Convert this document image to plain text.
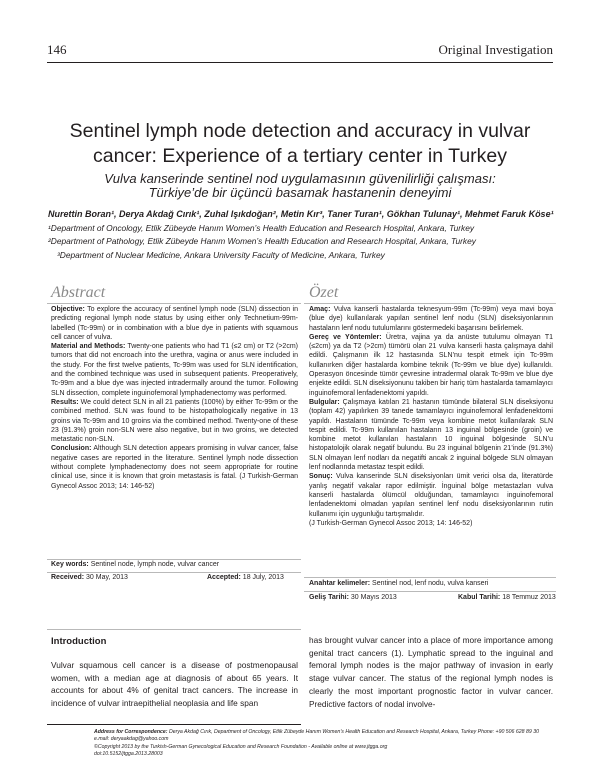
146	Original Investigation
Sentinel lymph node detection and accuracy in vulvar
cancer: Experience of a tertiary center in Turkey
Vulva kanserinde sentinel nod uygulamasının güvenilirliği çalışması:
Türkiye’de bir üçüncü basamak hastanenin deneyimi
Nurettin Boran¹, Derya Akdağ Cırık¹, Zuhal Işıkdoğan², Metin Kır³, Taner Turan¹, Gökhan Tulunay¹, Mehmet Faruk Köse¹
¹Department of Oncology, Etlik Zübeyde Hanım Women’s Health Education and Research Hospital, Ankara, Turkey
²Department of Pathology, Etlik Zübeyde Hanım Women’s Health Education and Research Hospital, Ankara, Turkey
³Department of Nuclear Medicine, Ankara University Faculty of Medicine, Ankara, Turkey
Abstract

Objective: To explore the accuracy of sentinel lymph node (SLN) dissection in predicting regional lymph node status by using either only Technetium-99m-labelled (Tc-99m) or in combination with a blue dye in patients with squamous cell cancer of vulva.

Material and Methods: Twenty-one patients who had T1 (≤2 cm) or T2 (>2cm) tumors that did not encroach into the urethra, vagina or anus were included in the study. For the first twelve patients, Tc-99m was used for SLN identification, and the combined technique was used in subsequent patients. Preoperatively, Tc-99m and a blue dye was injected intradermally around the tumor. Following SLN dissection, complete inguinofemoral lymphadenectomy was performed.

Results: We could detect SLN in all 21 patients (100%) by either Tc-99m or the combined method. SLN was found to be histopathologically negative in 13 groins via Tc-99m and 10 groins via the combined method. Twenty-one of these 23 (91.3%) groin non-SLN were also negative, but in two groins, we detected metastatic non-SLN.

Conclusion: Although SLN detection appears promising in vulvar cancer, false negative cases are reported in the literature. Sentinel lymph node dissection without complete lymphadenectomy does not seem appropriate for routine clinical use, since it is known that groin metastasis is fatal. (J Turkish-German Gynecol Assoc 2013; 14: 146-52)

Key words: Sentinel node, lymph node, vulvar cancer
Received: 30 May, 2013	Accepted: 18 July, 2013
Özet

Amaç: Vulva kanserli hastalarda teknesyum-99m (Tc-99m) veya mavi boya (blue dye) kullanılarak yapılan sentinel lenf nodu (SLN) diseksiyonlarının hastaların lenf nodu tutulumlarını göstermedeki başarısını belirlemek.

Gereç ve Yöntemler: Üretra, vajina ya da anüste tutulumu olmayan T1 (≤2cm) ya da T2 (>2cm) tümörü olan 21 vulva kanserli hasta çalışmaya dahil edildi. Çalışmanın ilk 12 hastasında SLN’nu tespit etmek için Tc-99m kullanırken diğer hastalarda kombine teknik (Tc-99m ve blue dye) kullanıldı. Operasyon öncesinde tümör çevresine intradermal olarak Tc-99m ve blue dye enjekte edildi. SLN diseksiyonunu takiben bir hariç tüm hastalarda tamamlayıcı inguinofemoral lenfadenektomi yapıldı.

Bulgular: Çalışmaya katılan 21 hastanın tümünde bilateral SLN diseksiyonu (toplam 42) yapılırken 39 tanede tamamlayıcı inguinofemoral lenfadenektomi yapıldı. Hastaların tümünde Tc-99m veya kombine metot kullanılarak SLN tespit edildi. Tc-99m kullanılan hastaların 13 inguinal bölgesinde (groin) ve kombine metot kullanılan hastaların 10 inguinal bölgesinde SLN’u histopatolojik olarak negatif bulundu. Bu 23 inguinal bölgenin 21’inde (91.3%) SLN olmayan lenf nodları da negatifti ancak 2 inguinal bölgede SLN olmayan lenf nodlarında metastaz tespit edildi.

Sonuç: Vulva kanserinde SLN diseksiyonları ümit verici olsa da, literatürde yanlış negatif vakalar rapor edilmiştir. İnguinal bölge metastazları vulva kanserli hastalarda ölümcül olduğundan, tamamlayıcı inguinofemoral lenfadenektomi olmadan yapılan sentinel lenf nodu diseksiyonlarının rutin kullanımı için uygunluğu tartışmalıdır.

(J Turkish-German Gynecol Assoc 2013; 14: 146-52)

Anahtar kelimeler: Sentinel nod, lenf nodu, vulva kanseri
Geliş Tarihi: 30 Mayıs 2013	Kabul Tarihi: 18 Temmuz 2013
Introduction
Vulvar squamous cell cancer is a disease of postmenopausal women, with a median age at diagnosis of about 65 years. It accounts for about 4% of genital tract cancers. The increase in incidence of vulvar intraepithelial neoplasia and life span
has brought vulvar cancer into a place of more importance among genital tract cancers (1). Lymphatic spread to the inguinal and femoral lymph nodes is the major pathway of invasion in early stage vulvar cancer. The status of the regional lymph nodes is clearly the most important prognostic factor in vulvar cancer. Predictive factors of nodal involve-
Address for Correspondence: Derya Akdağ Cırık, Department of Oncology, Etlik Zübeyde Hanım Women’s Health Education and Research Hospital, Ankara, Turkey Phone: +90 506 628 89 30 e.mail: deryaakdag@yahoo.com
©Copyright 2013 by the Turkish-German Gynecological Education and Research Foundation - Available online at www.jtgga.org
doi:10.5152/jtgga.2013.28003
